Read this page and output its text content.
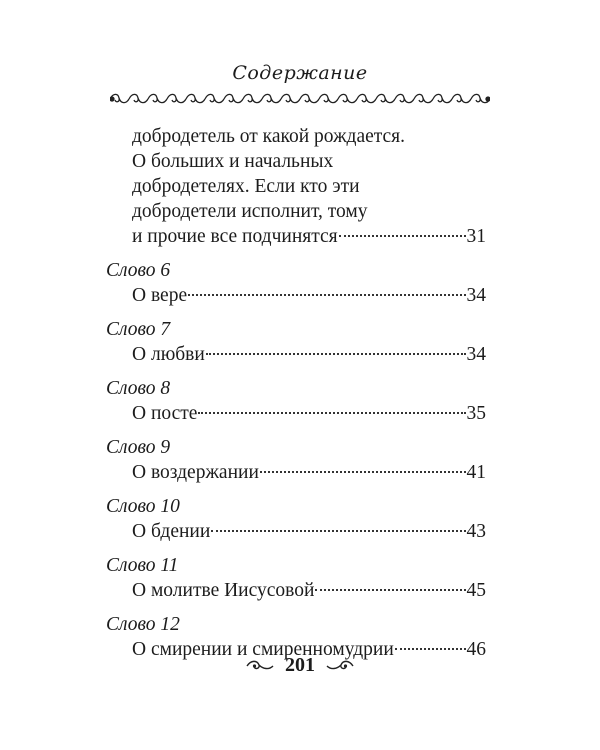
Содержание
добродетель от какой рождается.
О больших и начальных
добродетелях. Если кто эти
добродетели исполнит, тому
и прочие все подчинятся	31
Слово 6
О вере	34
Слово 7
О любви	34
Слово 8
О посте	35
Слово 9
О воздержании	41
Слово 10
О бдении	43
Слово 11
О молитве Иисусовой	45
Слово 12
О смирении и смиренномудрии	46
201
